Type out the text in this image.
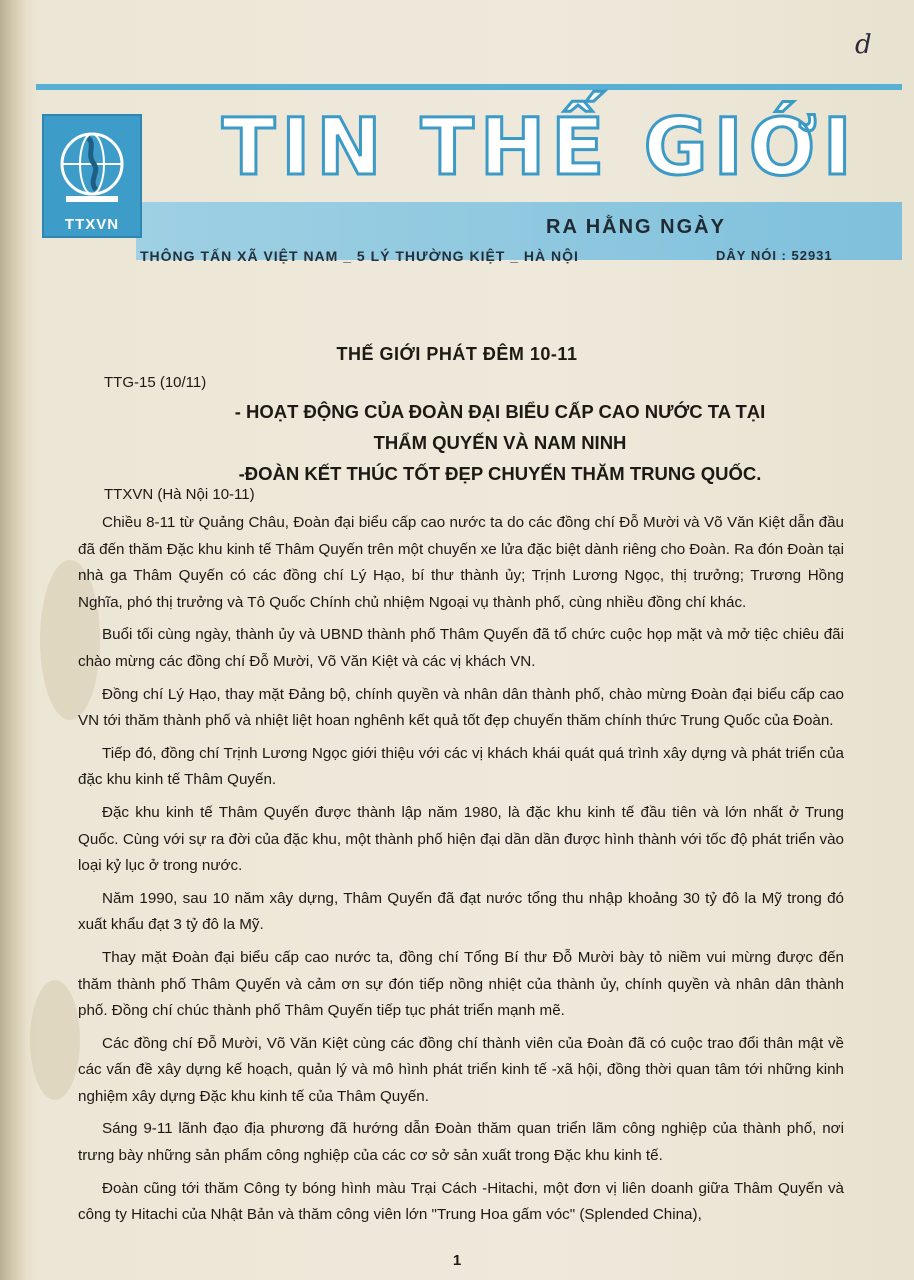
d
TTXVN
TIN THẾ GIỚI
RA HẰNG NGÀY
THÔNG TẤN XÃ VIỆT NAM _ 5 LÝ THƯỜNG KIỆT _ HÀ NỘI	DÂY NÓI : 52931
THẾ GIỚI PHÁT ĐÊM 10-11
TTG-15 (10/11)
- HOẠT ĐỘNG CỦA ĐOÀN ĐẠI BIỂU CẤP CAO NƯỚC TA TẠI
THẨM QUYẾN VÀ NAM NINH
-ĐOÀN KẾT THÚC TỐT ĐẸP CHUYẾN THĂM TRUNG QUỐC.
TTXVN (Hà Nội 10-11)

Chiều 8-11 từ Quảng Châu, Đoàn đại biểu cấp cao nước ta do các đồng chí Đỗ Mười và Võ Văn Kiệt dẫn đầu đã đến thăm Đặc khu kinh tế Thâm Quyến trên một chuyến xe lửa đặc biệt dành riêng cho Đoàn. Ra đón Đoàn tại nhà ga Thâm Quyến có các đồng chí Lý Hạo, bí thư thành ủy; Trịnh Lương Ngọc, thị trưởng; Trương Hồng Nghĩa, phó thị trưởng và Tô Quốc Chính chủ nhiệm Ngoại vụ thành phố, cùng nhiều đồng chí khác.

Buổi tối cùng ngày, thành ủy và UBND thành phố Thâm Quyến đã tổ chức cuộc họp mặt và mở tiệc chiêu đãi chào mừng các đồng chí Đỗ Mười, Võ Văn Kiệt và các vị khách VN.

Đồng chí Lý Hạo, thay mặt Đảng bộ, chính quyền và nhân dân thành phố, chào mừng Đoàn đại biểu cấp cao VN tới thăm thành phố và nhiệt liệt hoan nghênh kết quả tốt đẹp chuyến thăm chính thức Trung Quốc của Đoàn.

Tiếp đó, đồng chí Trịnh Lương Ngọc giới thiệu với các vị khách khái quát quá trình xây dựng và phát triển của đặc khu kinh tế Thâm Quyến.

Đặc khu kinh tế Thâm Quyến được thành lập năm 1980, là đặc khu kinh tế đầu tiên và lớn nhất ở Trung Quốc. Cùng với sự ra đời của đặc khu, một thành phố hiện đại dần dần được hình thành với tốc độ phát triển vào loại kỷ lục ở trong nước.

Năm 1990, sau 10 năm xây dựng, Thâm Quyến đã đạt nước tổng thu nhập khoảng 30 tỷ đô la Mỹ trong đó xuất khẩu đạt 3 tỷ đô la Mỹ.

Thay mặt Đoàn đại biểu cấp cao nước ta, đồng chí Tổng Bí thư Đỗ Mười bày tỏ niềm vui mừng được đến thăm thành phố Thâm Quyến và cảm ơn sự đón tiếp nồng nhiệt của thành ủy, chính quyền và nhân dân thành phố. Đồng chí chúc thành phố Thâm Quyến tiếp tục phát triển mạnh mẽ.

Các đồng chí Đỗ Mười, Võ Văn Kiệt cùng các đồng chí thành viên của Đoàn đã có cuộc trao đổi thân mật về các vấn đề xây dựng kế hoạch, quản lý và mô hình phát triển kinh tế -xã hội, đồng thời quan tâm tới những kinh nghiệm xây dựng Đặc khu kinh tế của Thâm Quyến.

Sáng 9-11 lãnh đạo địa phương đã hướng dẫn Đoàn thăm quan triển lãm công nghiệp của thành phố, nơi trưng bày những sản phẩm công nghiệp của các cơ sở sản xuất trong Đặc khu kinh tế.

Đoàn cũng tới thăm Công ty bóng hình màu Trại Cách -Hitachi, một đơn vị liên doanh giữa Thâm Quyến và công ty Hitachi của Nhật Bản và thăm công viên lớn "Trung Hoa gấm vóc" (Splended China),

1
